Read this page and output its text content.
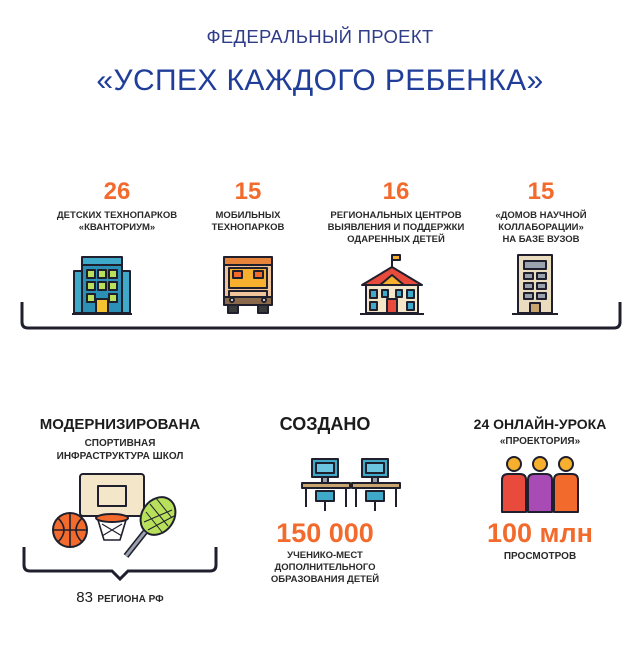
ФЕДЕРАЛЬНЫЙ ПРОЕКТ
«УСПЕХ КАЖДОГО РЕБЕНКА»
26
ДЕТСКИХ ТЕХНОПАРКОВ
«КВАНТОРИУМ»
15
МОБИЛЬНЫХ
ТЕХНОПАРКОВ
16
РЕГИОНАЛЬНЫХ ЦЕНТРОВ
ВЫЯВЛЕНИЯ И ПОДДЕРЖКИ
ОДАРЕННЫХ ДЕТЕЙ
15
«ДОМОВ НАУЧНОЙ
КОЛЛАБОРАЦИИ»
НА БАЗЕ ВУЗОВ
МОДЕРНИЗИРОВАНА
СПОРТИВНАЯ
ИНФРАСТРУКТУРА ШКОЛ
83 РЕГИОНА РФ
СОЗДАНО
150 000
УЧЕНИКО-МЕСТ ДОПОЛНИТЕЛЬНОГО
ОБРАЗОВАНИЯ ДЕТЕЙ
24 ОНЛАЙН-УРОКА
«ПРОЕКТОРИЯ»
100 млн
ПРОСМОТРОВ
